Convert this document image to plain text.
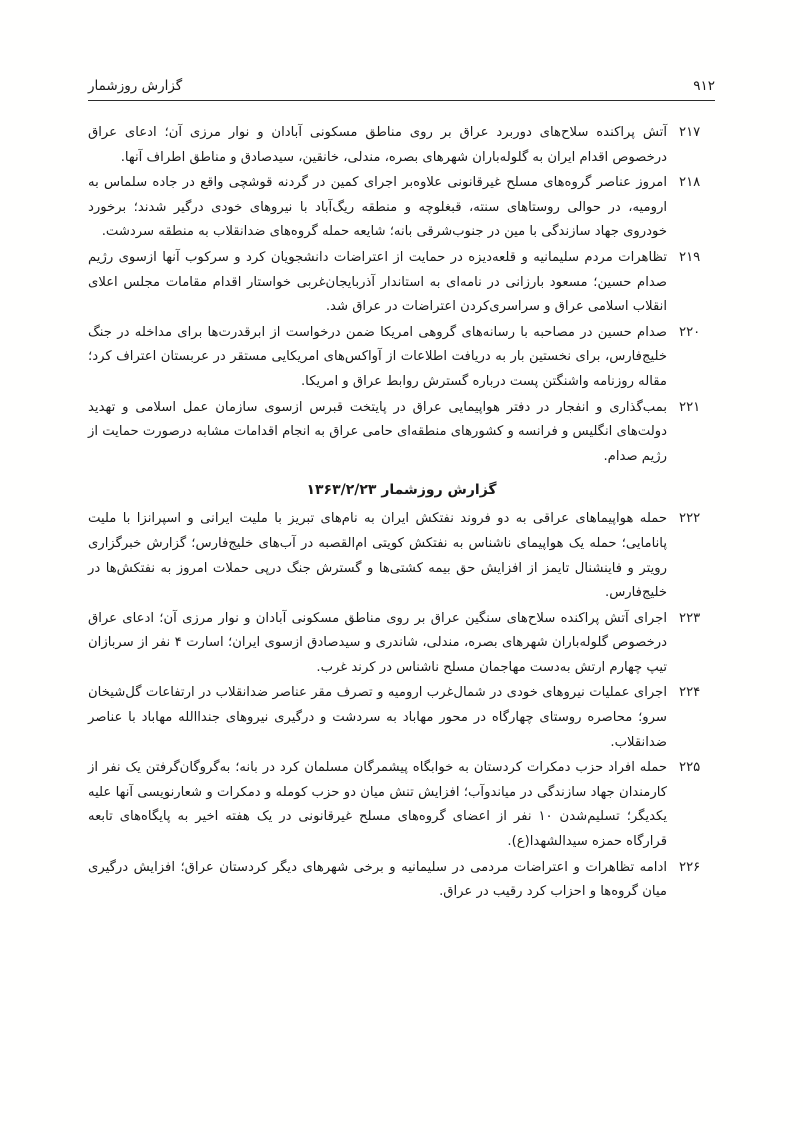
گزارش روزشمار	۹۱۲
۲۱۷
آتش پراکنده سلاح‌های دوربرد عراق بر روی مناطق مسکونی آبادان و نوار مرزی آن؛ ادعای عراق درخصوص اقدام ایران به گلوله‌باران شهرهای بصره، مندلی، خانقین، سیدصادق و مناطق اطراف آنها.
۲۱۸
امروز عناصر گروه‌های مسلح غیرقانونی علاوه‌بر اجرای کمین در گردنه قوشچی واقع در جاده سلماس به ارومیه، در حوالی روستاهای سنته، قبغلوچه و منطقه ریگ‌آباد با نیروهای خودی درگیر شدند؛ برخورد خودروی جهاد سازندگی با مین در جنوب‌شرقی بانه؛ شایعه حمله گروه‌های ضدانقلاب به منطقه سردشت.
۲۱۹
تظاهرات مردم سلیمانیه و قلعه‌دیزه در حمایت از اعتراضات دانشجویان کرد و سرکوب آنها ازسوی رژیم صدام حسین؛ مسعود بارزانی در نامه‌ای به استاندار آذربایجان‌غربی خواستار اقدام مقامات مجلس اعلای انقلاب اسلامی عراق و سراسری‌کردن اعتراضات در عراق شد.
۲۲۰
صدام حسین در مصاحبه با رسانه‌های گروهی امریکا ضمن درخواست از ابرقدرت‌ها برای مداخله در جنگ خلیج‌فارس، برای نخستین بار به دریافت اطلاعات از آواکس‌های امریکایی مستقر در عربستان اعتراف کرد؛ مقاله روزنامه واشنگتن پست درباره گسترش روابط عراق و امریکا.
۲۲۱
بمب‌گذاری و انفجار در دفتر هواپیمایی عراق در پایتخت قبرس ازسوی سازمان عمل اسلامی و تهدید دولت‌های انگلیس و فرانسه و کشورهای منطقه‌ای حامی عراق به انجام اقدامات مشابه درصورت حمایت از رژیم صدام.
گزارش روزشمار ۱۳۶۳/۲/۲۳
۲۲۲
حمله هواپیماهای عراقی به دو فروند نفتکش ایران به نام‌های تبریز با ملیت ایرانی و اسپرانزا با ملیت پاناما‌یی؛ حمله یک هواپیمای ناشناس به نفتکش کویتی ام‌القصبه در آب‌های خلیج‌فارس؛ گزارش خبرگزاری رویتر و فاینشنال تایمز از افزایش حق بیمه کشتی‌ها و گسترش جنگ درپی حملات امروز به نفتکش‌ها در خلیج‌فارس.
۲۲۳
اجرای آتش پراکنده سلاح‌های سنگین عراق بر روی مناطق مسکونی آبادان و نوار مرزی آن؛ ادعای عراق درخصوص گلوله‌باران شهرهای بصره، مندلی، شاندری و سیدصادق ازسوی ایران؛ اسارت ۴ نفر از سربازان تیپ چهارم ارتش به‌دست مهاجمان مسلح ناشناس در کرند غرب.
۲۲۴
اجرای عملیات نیروهای خودی در شمال‌غرب ارومیه و تصرف مقر عناصر ضدانقلاب در ارتفاعات گل‌شیخان سرو؛ محاصره روستای چهارگاه در محور مهاباد به سردشت و درگیری نیروهای جنداالله مهاباد با عناصر ضدانقلاب.
۲۲۵
حمله افراد حزب دمکرات کردستان به خوابگاه پیشمرگان مسلمان کرد در بانه؛ به‌گروگان‌گرفتن یک نفر از کارمندان جهاد سازندگی در میاندوآب؛ افزایش تنش میان دو حزب کومله و دمکرات و شعارنویسی آنها علیه یکدیگر؛ تسلیم‌شدن ۱۰ نفر از اعضای گروه‌های مسلح غیرقانونی در یک هفته اخیر به پایگاه‌های تابعه قرارگاه حمزه سیدالشهدا(ع).
۲۲۶
ادامه تظاهرات و اعتراضات مردمی در سلیمانیه و برخی شهرهای دیگر کردستان عراق؛ افزایش درگیری میان گروه‌ها و احزاب کرد رقیب در عراق.
